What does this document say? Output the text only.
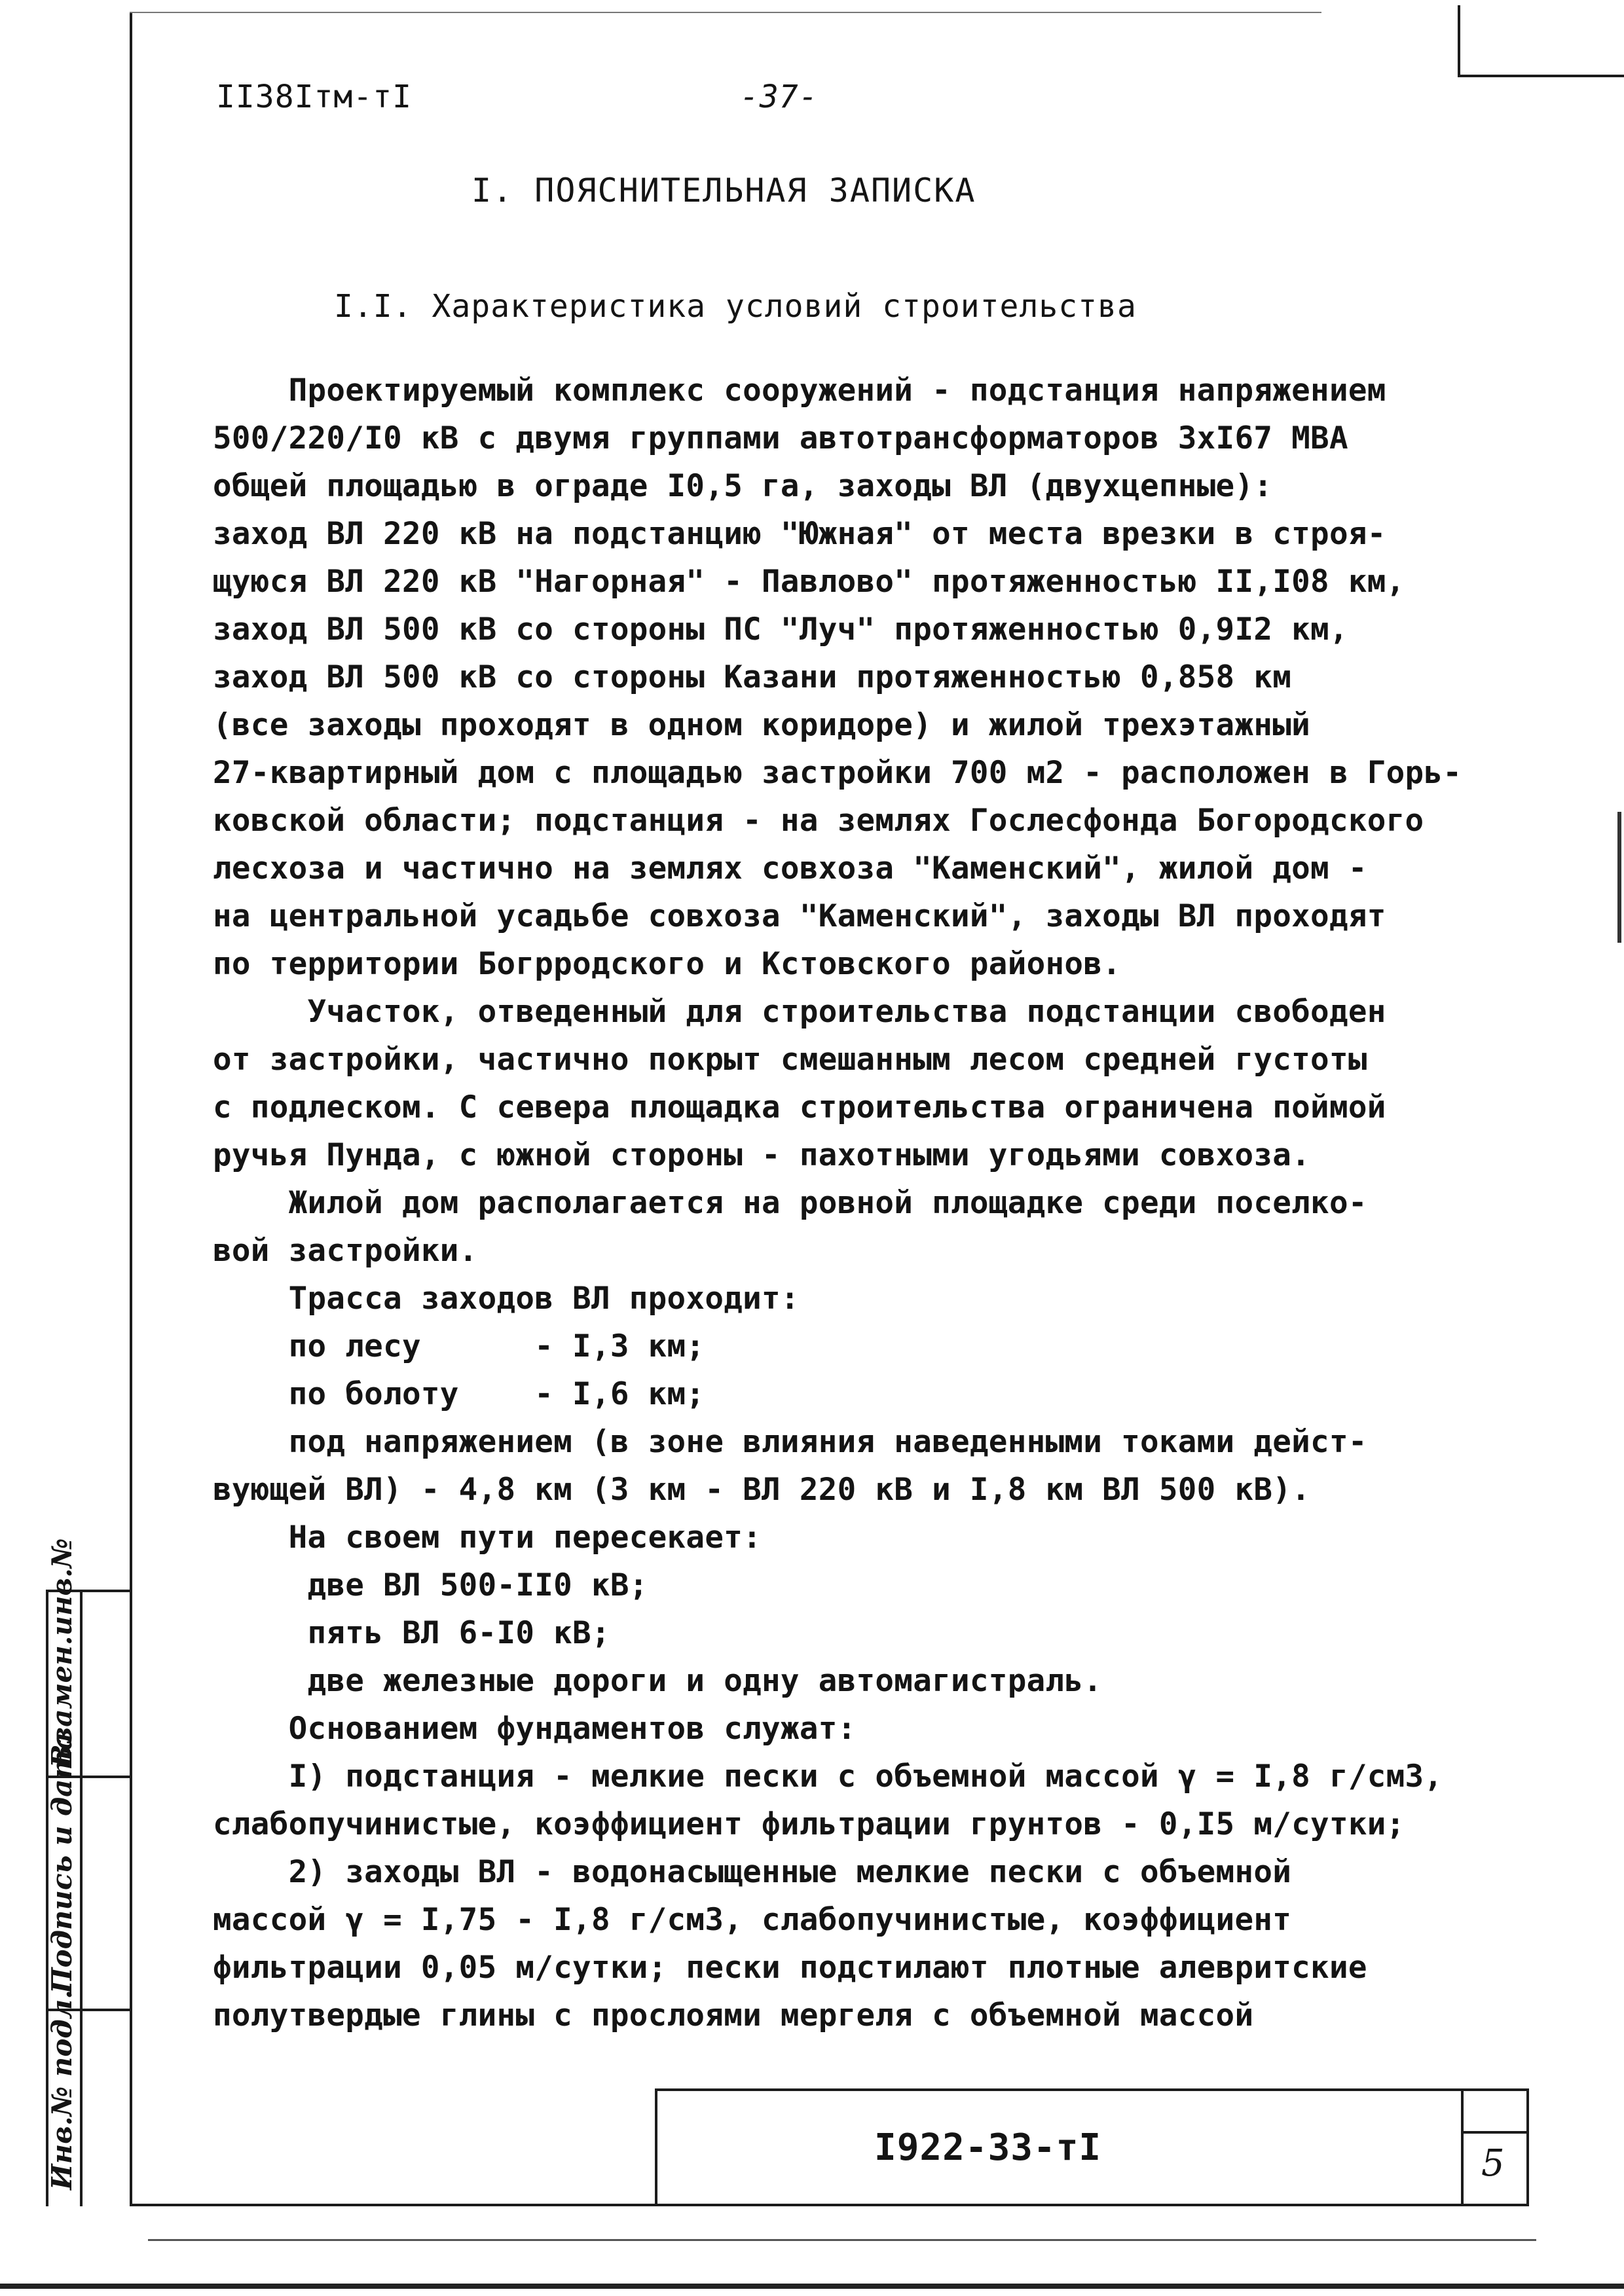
II38Iтм-тI	-37-
I. ПОЯСНИТЕЛЬНАЯ ЗАПИСКА
I.I. Характеристика условий строительства
Проектируемый комплекс сооружений - подстанция напряжением
500/220/I0 кВ с двумя группами автотрансформаторов 3хI67 МВА
общей площадью в ограде I0,5 га, заходы ВЛ (двухцепные):
заход ВЛ 220 кВ на подстанцию "Южная" от места врезки в строя-
щуюся ВЛ 220 кВ "Нагорная" - Павлово" протяженностью II,I08 км,
заход ВЛ 500 кВ со стороны ПС "Луч" протяженностью 0,9I2 км,
заход ВЛ 500 кВ со стороны Казани протяженностью 0,858 км
(все заходы проходят в одном коридоре) и жилой трехэтажный
27-квартирный дом с площадью застройки 700 м2 - расположен в Горь-
ковской области; подстанция - на землях Гослесфонда Богородского
лесхоза и частично на землях совхоза "Каменский", жилой дом -
на центральной усадьбе совхоза "Каменский", заходы ВЛ проходят
по территории Богрродского и Кстовского районов.
Участок, отведенный для строительства подстанции свободен
от застройки, частично покрыт смешанным лесом средней густоты
с подлеском. С севера площадка строительства ограничена поймой
ручья Пунда, с южной стороны - пахотными угодьями совхоза.
Жилой дом располагается на ровной площадке среди поселко-
вой застройки.
Трасса заходов ВЛ проходит:
по лесу      - I,3 км;
по болоту    - I,6 км;
под напряжением (в зоне влияния наведенными токами дейст-
вующей ВЛ) - 4,8 км (3 км - ВЛ 220 кВ и I,8 км ВЛ 500 кВ).
На своем пути пересекает:
две ВЛ 500-II0 кВ;
пять ВЛ 6-I0 кВ;
две железные дороги и одну автомагистраль.
Основанием фундаментов служат:
I) подстанция - мелкие пески с объемной массой γ = I,8 г/см3,
слабопучинистые, коэффициент фильтрации грунтов - 0,I5 м/сутки;
2) заходы ВЛ - водонасыщенные мелкие пески с объемной
массой γ = I,75 - I,8 г/см3, слабопучинистые, коэффициент
фильтрации 0,05 м/сутки; пески подстилают плотные алевритские
полутвердые глины с прослоями мергеля с объемной массой
Инв.№ подл.
Подпись и дата
Взамен.инв.№
I922-33-тI	5
